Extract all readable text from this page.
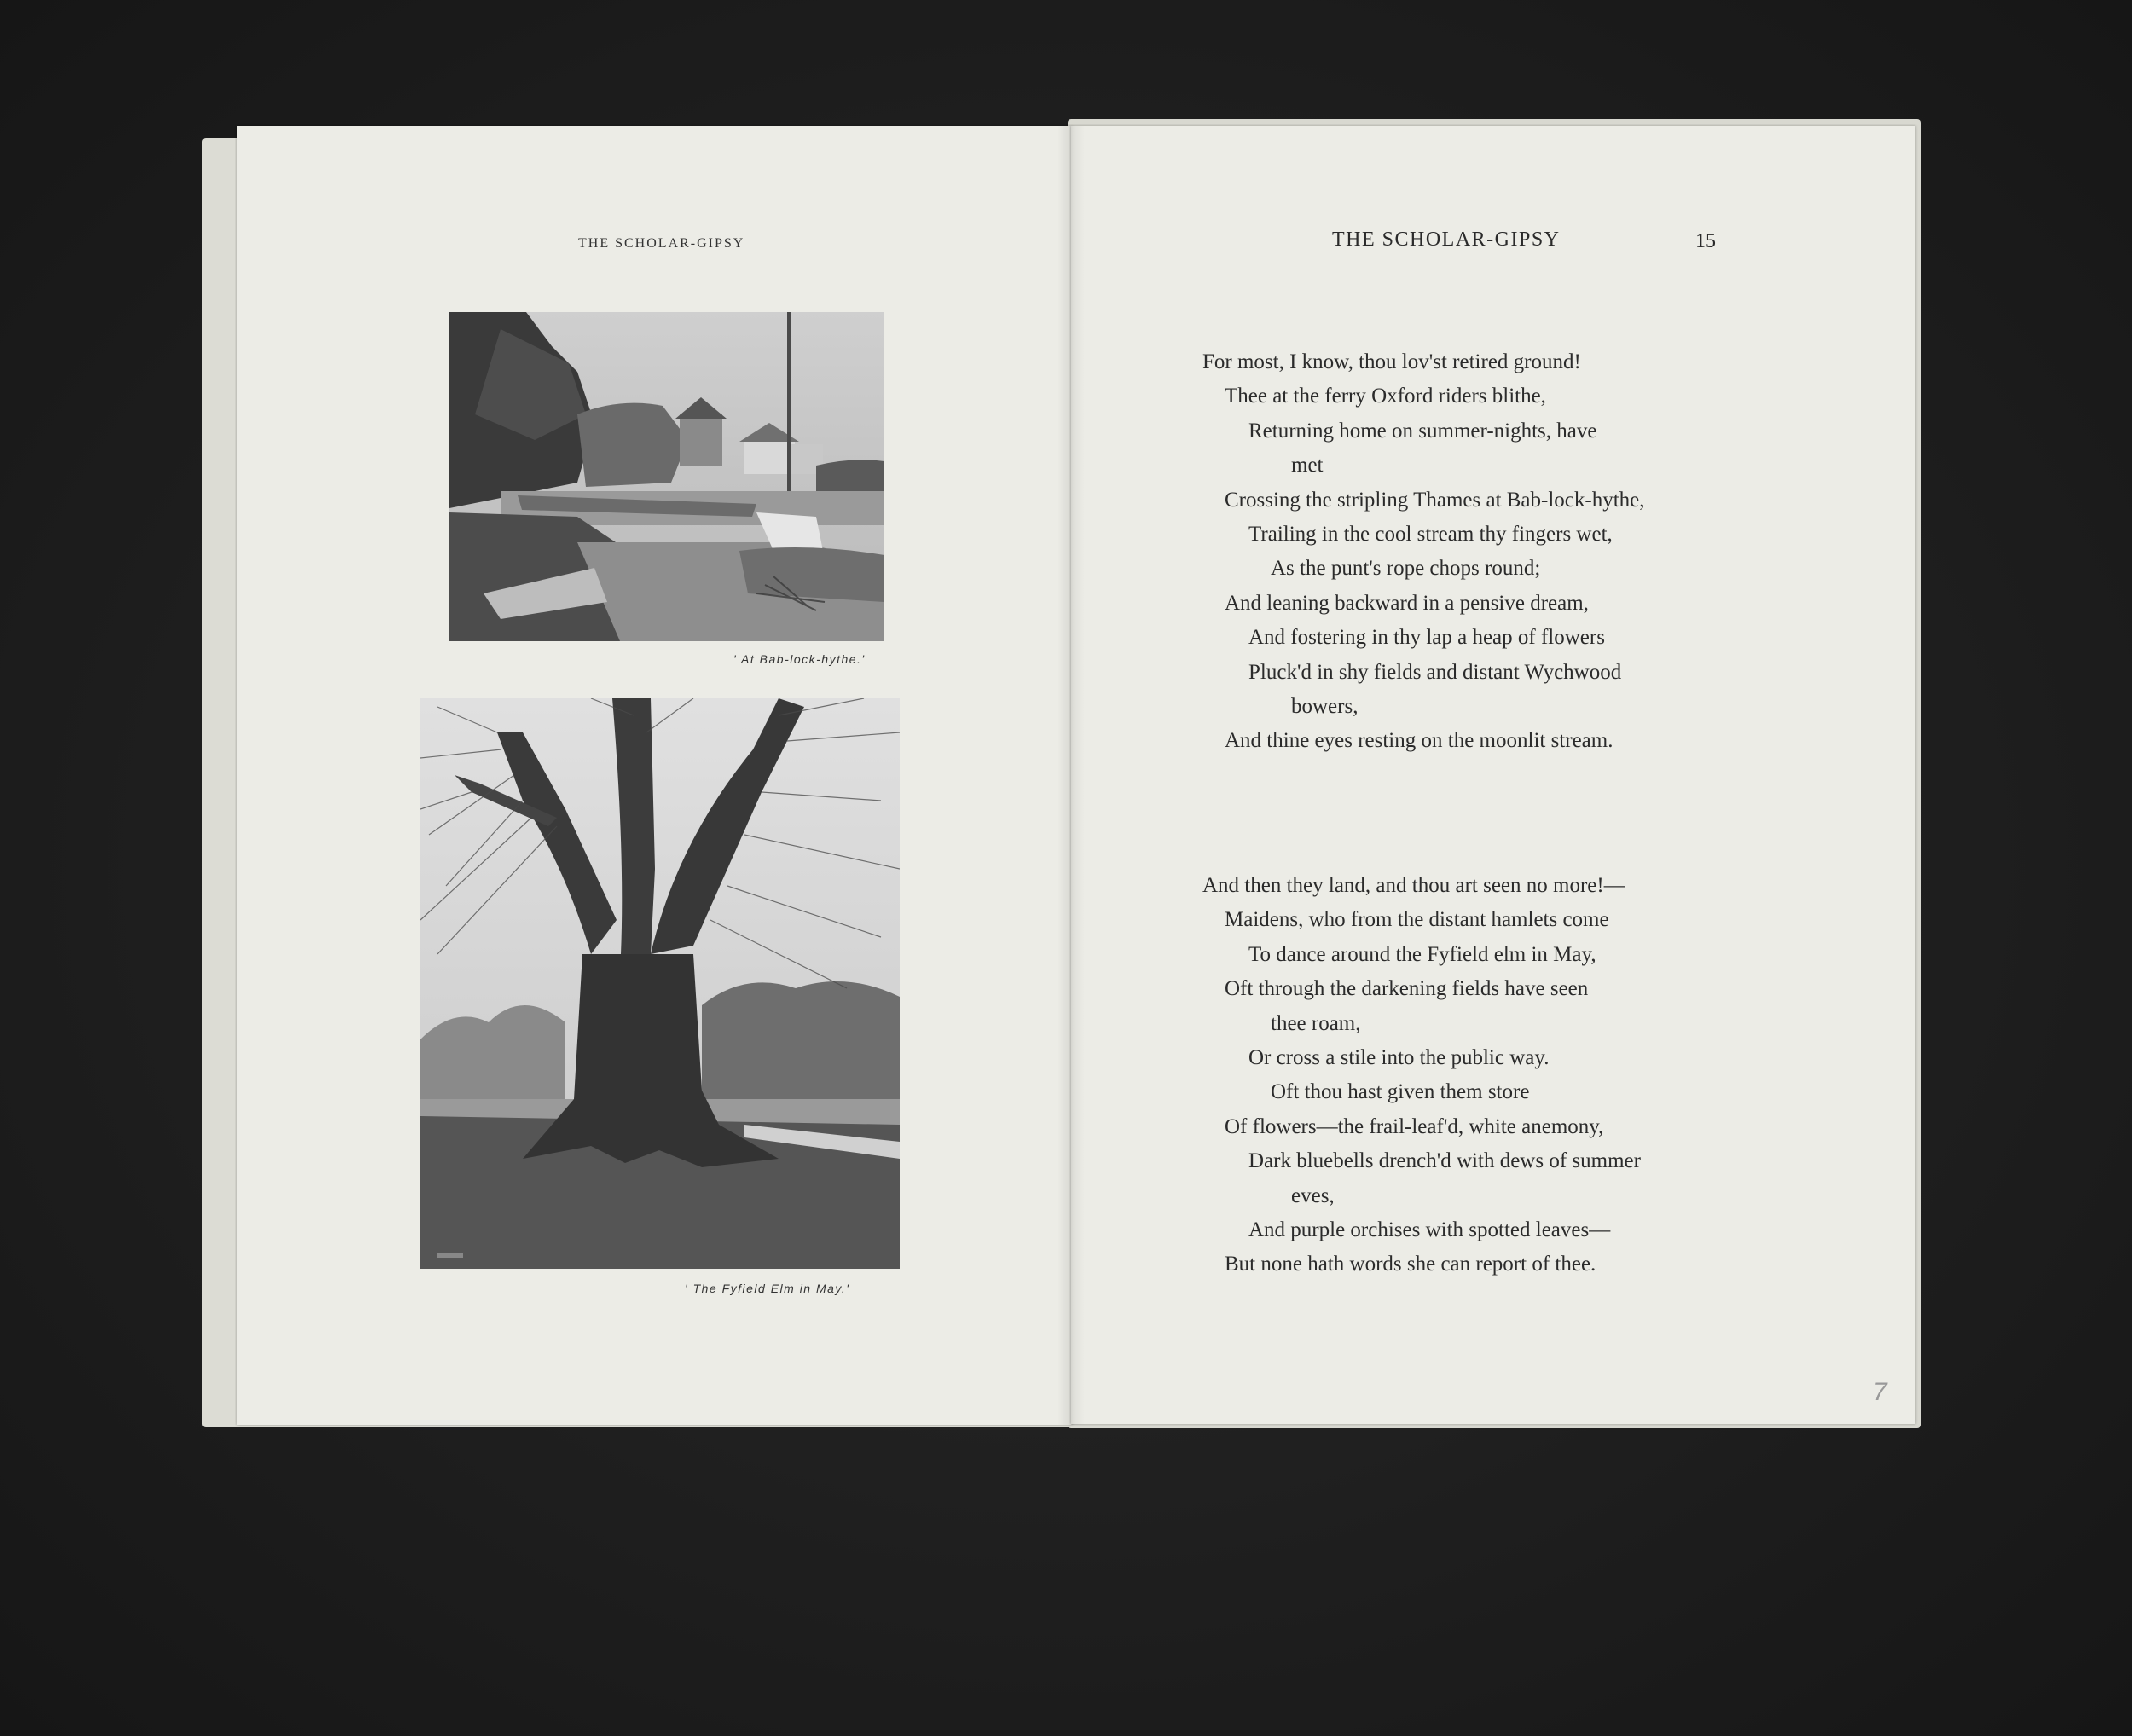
THE SCHOLAR-GIPSY
' At Bab-lock-hythe.'
' The Fyfield Elm in May.'
THE SCHOLAR-GIPSY	15
For most, I know, thou lov'st retired ground!
Thee at the ferry Oxford riders blithe,
Returning home on summer-nights, have
met
Crossing the stripling Thames at Bab-lock-hythe,
Trailing in the cool stream thy fingers wet,
As the punt's rope chops round;
And leaning backward in a pensive dream,
And fostering in thy lap a heap of flowers
Pluck'd in shy fields and distant Wychwood
bowers,
And thine eyes resting on the moonlit stream.
And then they land, and thou art seen no more!—
Maidens, who from the distant hamlets come
To dance around the Fyfield elm in May,
Oft through the darkening fields have seen
thee roam,
Or cross a stile into the public way.
Oft thou hast given them store
Of flowers—the frail-leaf'd, white anemony,
Dark bluebells drench'd with dews of summer
eves,
And purple orchises with spotted leaves—
But none hath words she can report of thee.
7
